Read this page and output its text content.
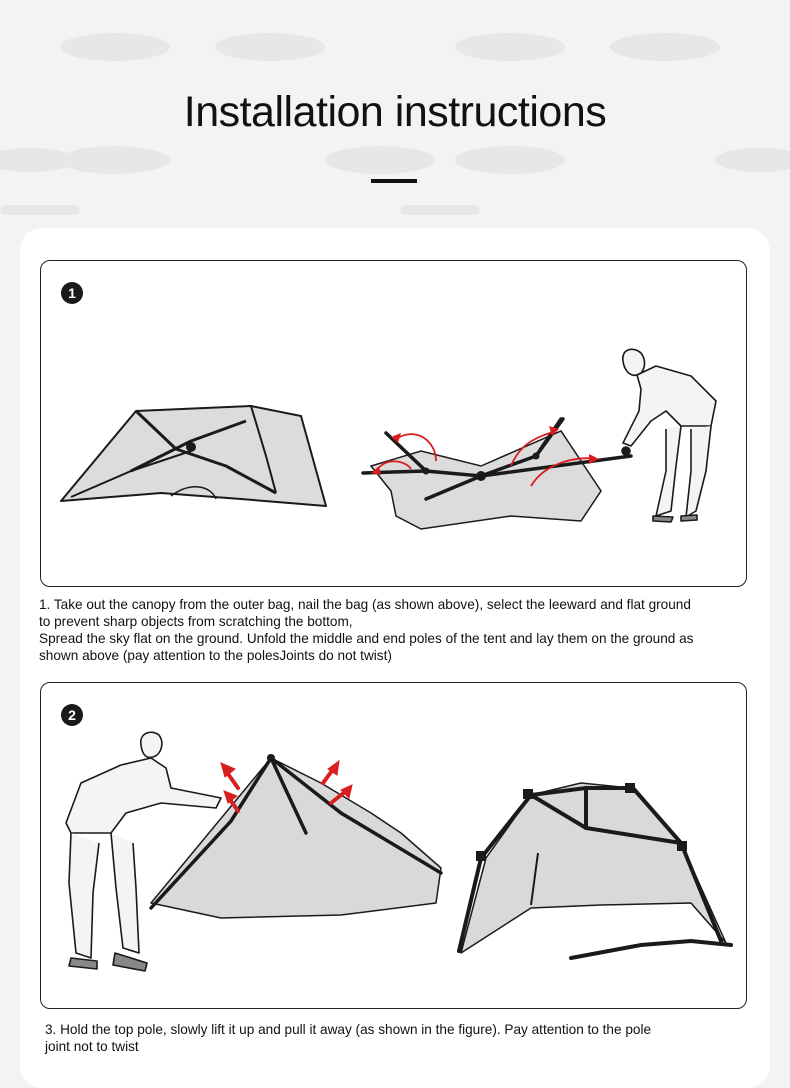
Installation instructions
1

1. Take out the canopy from the outer bag, nail the bag (as shown above), select the leeward and flat ground
to prevent sharp objects from scratching the bottom,
Spread the sky flat on the ground. Unfold the middle and end poles of the tent and lay them on the ground as
shown above (pay attention to the polesJoints do not twist)

2

3. Hold the top pole, slowly lift it up and pull it away (as shown in the figure). Pay attention to the pole
joint not to twist
